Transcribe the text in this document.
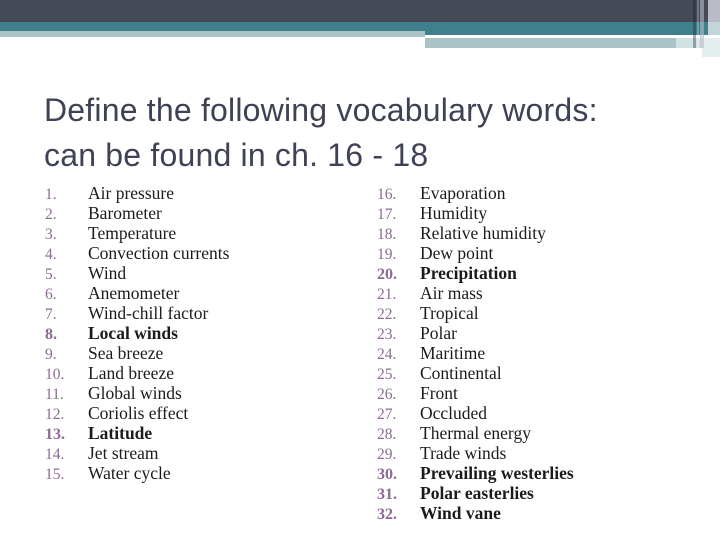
Define the following vocabulary words:
can be found in ch. 16 - 18
1.	Air pressure
2.	Barometer
3.	Temperature
4.	Convection currents
5.	Wind
6.	Anemometer
7.	Wind-chill factor
8.	Local winds
9.	Sea breeze
10.	Land breeze
11.	Global winds
12.	Coriolis effect
13.	Latitude
14.	Jet stream
15.	Water cycle
16.	Evaporation
17.	Humidity
18.	Relative humidity
19.	Dew point
20.	Precipitation
21.	Air mass
22.	Tropical
23.	Polar
24.	Maritime
25.	Continental
26.	Front
27.	Occluded
28.	Thermal energy
29.	Trade winds
30.	Prevailing westerlies
31.	Polar easterlies
32.	Wind vane
